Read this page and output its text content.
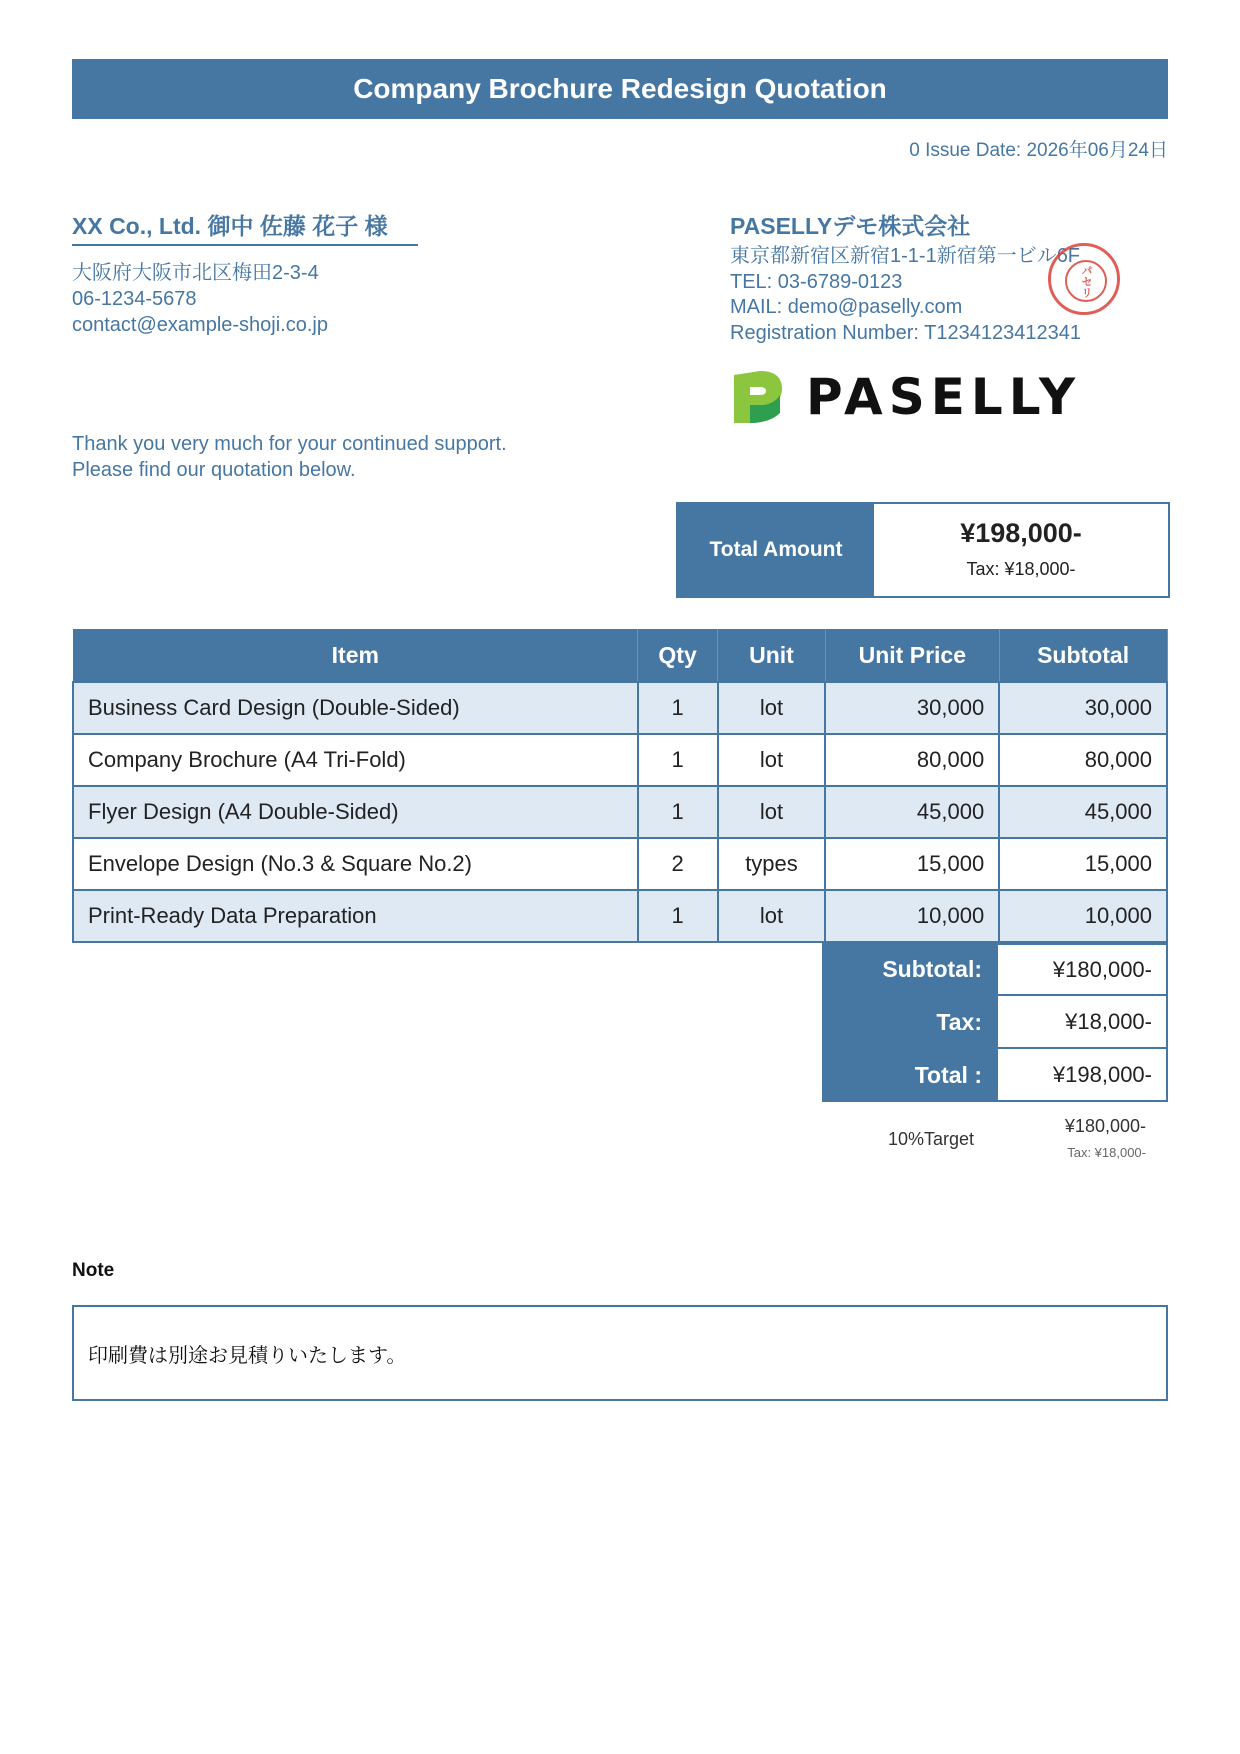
Company Brochure Redesign Quotation
0 Issue Date: 2026年06月24日
XX Co., Ltd. 御中 佐藤 花子 様
大阪府大阪市北区梅田2-3-4
06-1234-5678
contact@example-shoji.co.jp
Thank you very much for your continued support.
Please find our quotation below.
PASELLYデモ株式会社
東京都新宿区新宿1-1-1新宿第一ビル6F
TEL: 03-6789-0123
MAIL: demo@paselly.com
Registration Number: T1234123412341
パセリ
PASELLY
Total Amount
¥198,000-
Tax: ¥18,000-
Item	Qty	Unit	Unit Price	Subtotal
Business Card Design (Double-Sided)	1	lot	30,000	30,000
Company Brochure (A4 Tri-Fold)	1	lot	80,000	80,000
Flyer Design (A4 Double-Sided)	1	lot	45,000	45,000
Envelope Design (No.3 & Square No.2)	2	types	15,000	15,000
Print-Ready Data Preparation	1	lot	10,000	10,000
Subtotal:	¥180,000-
Tax:	¥18,000-
Total :	¥198,000-
10%Target
¥180,000-
Tax: ¥18,000-
Note
印刷費は別途お見積りいたします。
